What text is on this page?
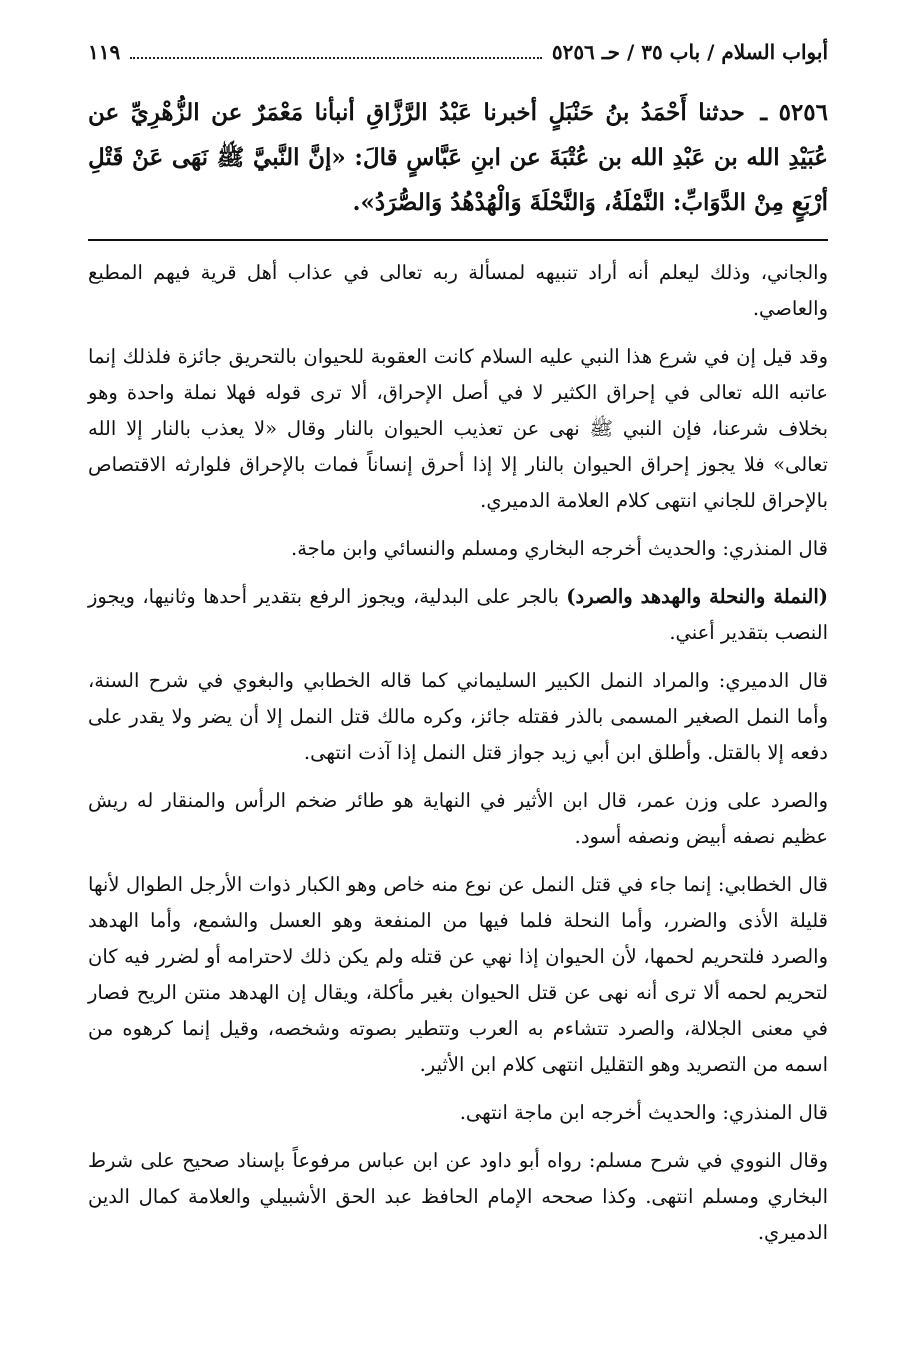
أبواب السلام / باب ٣٥ / حـ ٥٢٥٦
١١٩
٥٢٥٦ ـ حدثنا أَحْمَدُ بنُ حَنْبَلٍ أخبرنا عَبْدُ الرَّزَّاقِ أنبأنا مَعْمَرٌ عن الزُّهْرِيِّ عن عُبَيْدِ الله بن عَبْدِ الله بن عُتْبَةَ عن ابنِ عَبَّاسٍ قالَ: «إنَّ النَّبيَّ ﷺ نَهَى عَنْ قَتْلِ أرْبَعٍ مِنْ الدَّوَابِّ: النَّمْلَةُ، وَالنَّحْلَةَ وَالْهُدْهُدُ وَالصُّرَدُ».

والجاني، وذلك ليعلم أنه أراد تنبيهه لمسألة ربه تعالى في عذاب أهل قرية فيهم المطيع والعاصي.

وقد قيل إن في شرع هذا النبي عليه السلام كانت العقوبة للحيوان بالتحريق جائزة فلذلك إنما عاتبه الله تعالى في إحراق الكثير لا في أصل الإحراق، ألا ترى قوله فهلا نملة واحدة وهو بخلاف شرعنا، فإن النبي ﷺ نهى عن تعذيب الحيوان بالنار وقال «لا يعذب بالنار إلا الله تعالى» فلا يجوز إحراق الحيوان بالنار إلا إذا أحرق إنساناً فمات بالإحراق فلوارثه الاقتصاص بالإحراق للجاني انتهى كلام العلامة الدميري.

قال المنذري: والحديث أخرجه البخاري ومسلم والنسائي وابن ماجة.

(النملة والنحلة والهدهد والصرد) بالجر على البدلية، ويجوز الرفع بتقدير أحدها وثانيها، ويجوز النصب بتقدير أعني.

قال الدميري: والمراد النمل الكبير السليماني كما قاله الخطابي والبغوي في شرح السنة، وأما النمل الصغير المسمى بالذر فقتله جائز، وكره مالك قتل النمل إلا أن يضر ولا يقدر على دفعه إلا بالقتل. وأطلق ابن أبي زيد جواز قتل النمل إذا آذت انتهى.

والصرد على وزن عمر، قال ابن الأثير في النهاية هو طائر ضخم الرأس والمنقار له ريش عظيم نصفه أبيض ونصفه أسود.

قال الخطابي: إنما جاء في قتل النمل عن نوع منه خاص وهو الكبار ذوات الأرجل الطوال لأنها قليلة الأذى والضرر، وأما النحلة فلما فيها من المنفعة وهو العسل والشمع، وأما الهدهد والصرد فلتحريم لحمها، لأن الحيوان إذا نهي عن قتله ولم يكن ذلك لاحترامه أو لضرر فيه كان لتحريم لحمه ألا ترى أنه نهى عن قتل الحيوان بغير مأكلة، ويقال إن الهدهد منتن الريح فصار في معنى الجلالة، والصرد تتشاءم به العرب وتتطير بصوته وشخصه، وقيل إنما كرهوه من اسمه من التصريد وهو التقليل انتهى كلام ابن الأثير.

قال المنذري: والحديث أخرجه ابن ماجة انتهى.

وقال النووي في شرح مسلم: رواه أبو داود عن ابن عباس مرفوعاً بإسناد صحيح على شرط البخاري ومسلم انتهى. وكذا صححه الإمام الحافظ عبد الحق الأشبيلي والعلامة كمال الدين الدميري.
